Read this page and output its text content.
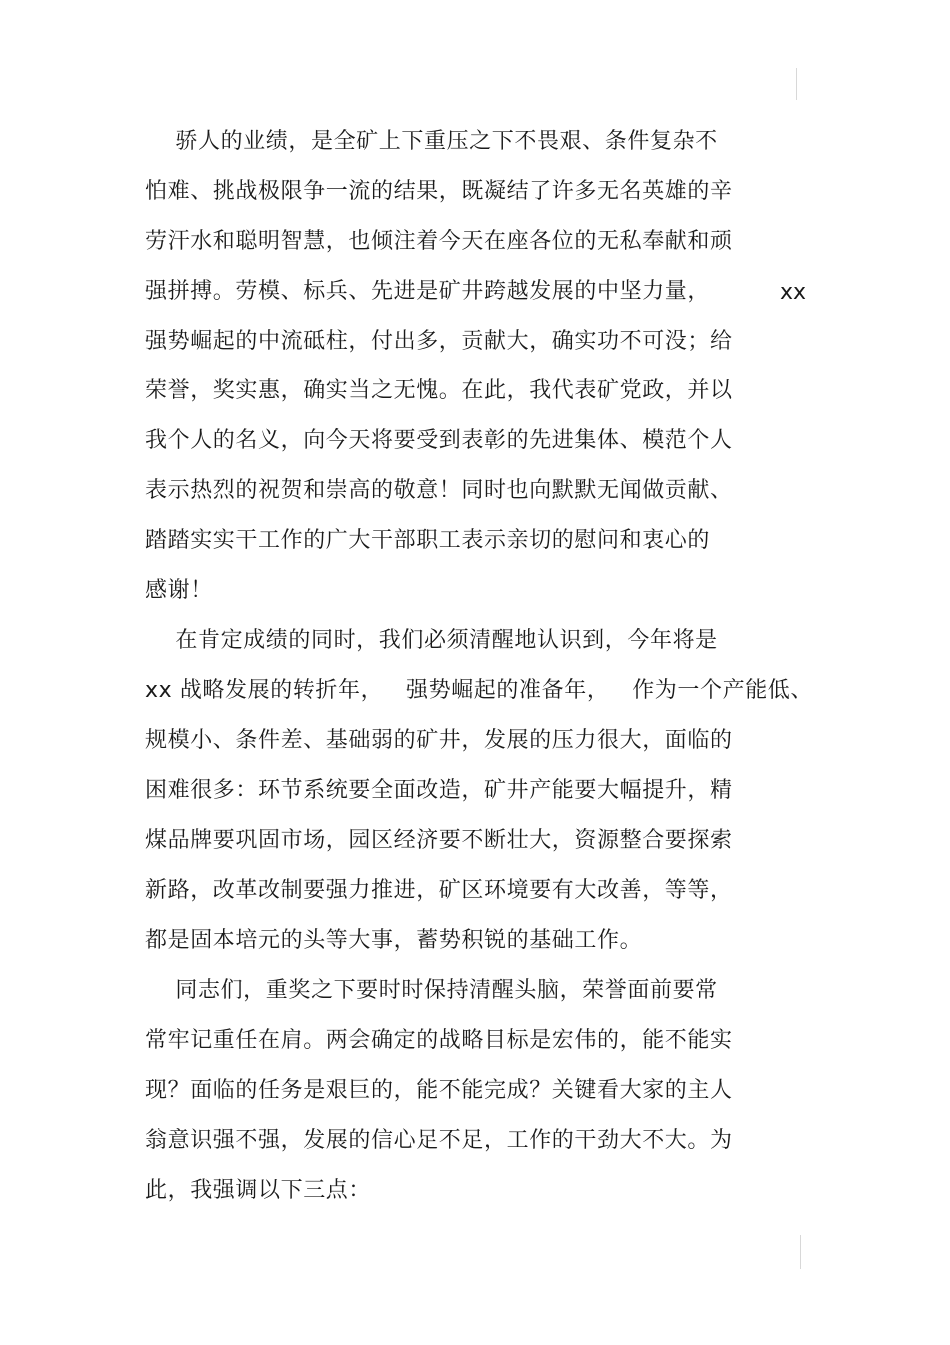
xx
骄人的业绩，是全矿上下重压之下不畏艰、条件复杂不
怕难、挑战极限争一流的结果，既凝结了许多无名英雄的辛
劳汗水和聪明智慧，也倾注着今天在座各位的无私奉献和顽
强拼搏。劳模、标兵、先进是矿井跨越发展的中坚力量，
强势崛起的中流砥柱，付出多，贡献大，确实功不可没；给
荣誉，奖实惠，确实当之无愧。在此，我代表矿党政，并以
我个人的名义，向今天将要受到表彰的先进集体、模范个人
表示热烈的祝贺和崇高的敬意！同时也向默默无闻做贡献、
踏踏实实干工作的广大干部职工表示亲切的慰问和衷心的
感谢！
在肯定成绩的同时，我们必须清醒地认识到，今年将是
xx 战略发展的转折年，   强势崛起的准备年，   作为一个产能低、
规模小、条件差、基础弱的矿井，发展的压力很大，面临的
困难很多：环节系统要全面改造，矿井产能要大幅提升，精
煤品牌要巩固市场，园区经济要不断壮大，资源整合要探索
新路，改革改制要强力推进，矿区环境要有大改善，等等，
都是固本培元的头等大事，蓄势积锐的基础工作。
同志们，重奖之下要时时保持清醒头脑，荣誉面前要常
常牢记重任在肩。两会确定的战略目标是宏伟的，能不能实
现？面临的任务是艰巨的，能不能完成？关键看大家的主人
翁意识强不强，发展的信心足不足，工作的干劲大不大。为
此，我强调以下三点：
